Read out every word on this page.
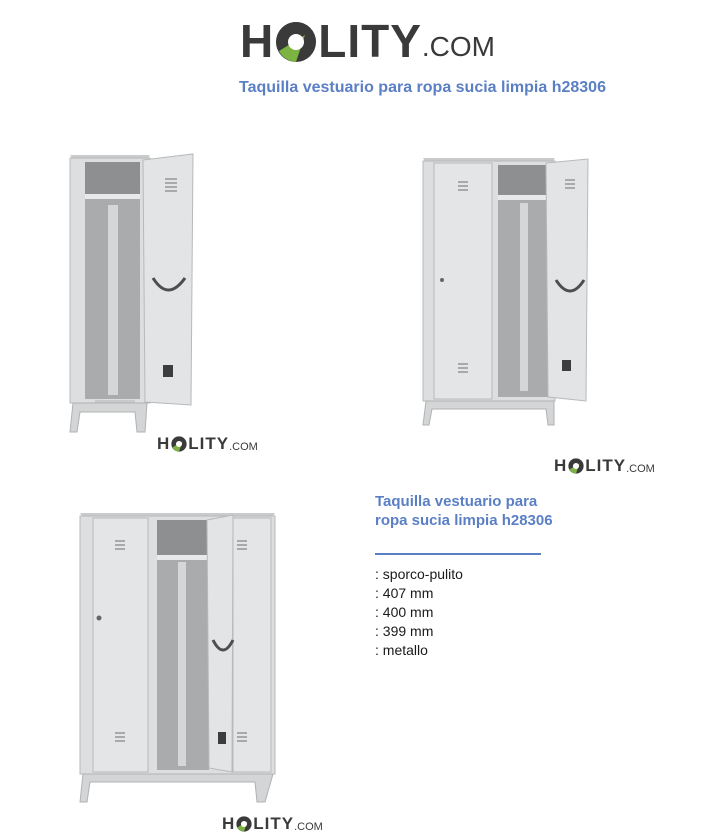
H LITY .COM
Taquilla vestuario para ropa sucia limpia h28306
H LITY .COM
H LITY .COM
H LITY .COM
Taquilla vestuario para ropa sucia limpia h28306
: sporco-pulito
: 407 mm
: 400 mm
: 399 mm
: metallo
